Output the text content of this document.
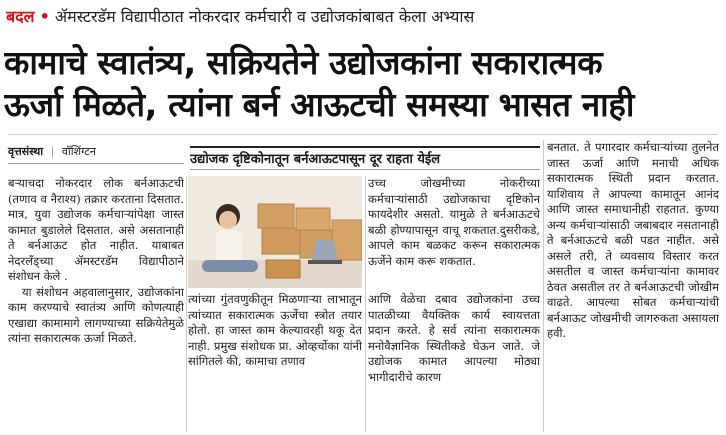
बदल • ॲमस्टरडॅम विद्यापीठात नोकरदार कर्मचारी व उद्योजकांबाबत केला अभ्यास
कामाचे स्वातंत्र्य, सक्रियतेने उद्योजकांना सकारात्मक
ऊर्जा मिळते, त्यांना बर्न आऊटची समस्या भासत नाही
वृत्तसंस्था | वॉशिंग्टन
उद्योजक दृष्टिकोनातून बर्नआऊटपासून दूर राहता येईल

बऱ्याचदा नोकरदार लोक बर्नआऊटची (तणाव व नैराश्य) तक्रार करताना दिसतात. मात्र, युवा उद्योजक कर्मचाऱ्यांपेक्षा जास्त कामात बुडालेले दिसतात. असे असतानाही ते बर्नआऊट होत नाहीत. याबाबत नेदरलँड्च्या ॲमस्टरडॅम विद्यापीठाने संशोधन केले .

या संशोधन अहवालानुसार, उद्योजकांना काम करण्याचे स्वातंत्र्य आणि कोणत्याही एखाद्या कामामागे लागण्याच्या सक्रियेतेमुळे त्यांना सकारात्मक ऊर्जा मिळते.

त्यांच्या गुंतवणुकीतून मिळणाऱ्या लाभातून त्यांच्यात सकारात्मक ऊर्जेचा स्त्रोत तयार होतो. हा जास्त काम केल्यावरही थकू देत नाही. प्रमुख संशोधक प्रा. ओव्हर्चोका यांनी सांगितले की, कामाचा तणाव

उच्च जोखमीच्या नोकरीच्या कर्मचाऱ्यांसाठी उद्योजकाचा दृष्टिकोन फायदेशीर असतो. यामुळे ते बर्नआऊटचे बळी होण्यापासून वाचू शकतात.दुसरीकडे, आपले काम बळकट करून सकारात्मक ऊर्जेने काम करू शकतात.

आणि वेळेचा दबाव उद्योजकांना उच्च पातळीच्या वैयक्तिक कार्य स्वायत्तता प्रदान करते. हे सर्व त्यांना सकारात्मक मनोवैज्ञानिक स्थितीकडे घेऊन जाते. जे उद्योजक कामात आपल्या मोठ्या भागीदारीचे कारण

बनतात. ते पगारदार कर्मचाऱ्यांच्या तुलनेत जास्त ऊर्जा आणि मनाची अधिक सकारात्मक स्थिती प्रदान करतात. याशिवाय ते आपल्या कामातून आनंद आणि जास्त समाधानीही राहतात. कुण्या अन्य कर्मचाऱ्यांसाठी जबाबदार नसतानाही ते बर्नआऊटचे बळी पडत नाहीत. असे असले तरी, ते व्यवसाय विस्तार करत असतील व जास्त कर्मचाऱ्यांना कामावर ठेवत असतील तर ते बर्नआऊटची जोखीम वाढते. आपल्या सोबत कर्मचाऱ्यांची बर्नआऊट जोखमीची जागरुकता असायला हवी.
